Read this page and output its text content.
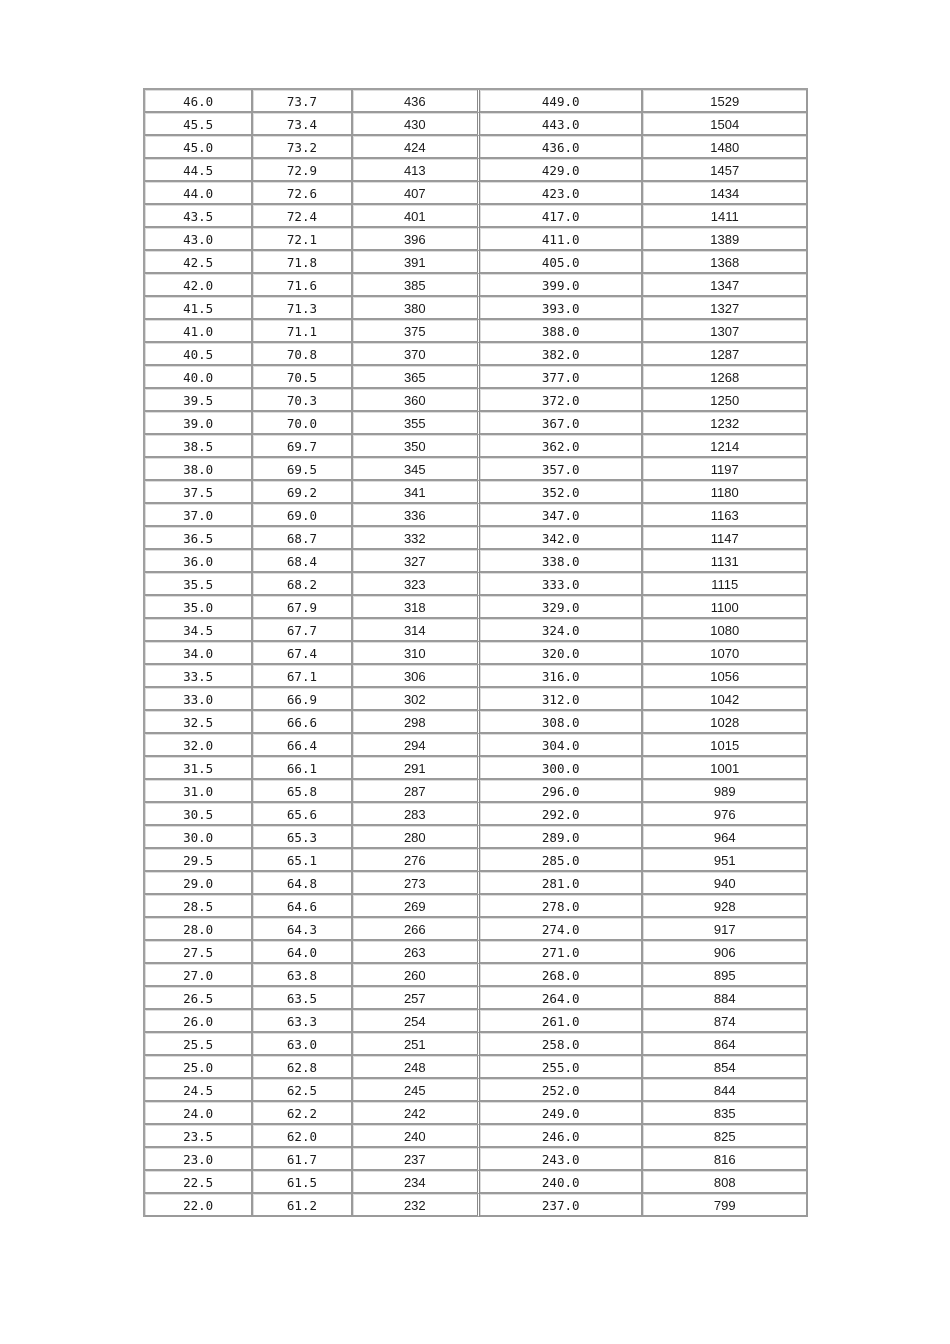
46.0	73.7	436	449.0	1529
45.5	73.4	430	443.0	1504
45.0	73.2	424	436.0	1480
44.5	72.9	413	429.0	1457
44.0	72.6	407	423.0	1434
43.5	72.4	401	417.0	1411
43.0	72.1	396	411.0	1389
42.5	71.8	391	405.0	1368
42.0	71.6	385	399.0	1347
41.5	71.3	380	393.0	1327
41.0	71.1	375	388.0	1307
40.5	70.8	370	382.0	1287
40.0	70.5	365	377.0	1268
39.5	70.3	360	372.0	1250
39.0	70.0	355	367.0	1232
38.5	69.7	350	362.0	1214
38.0	69.5	345	357.0	1197
37.5	69.2	341	352.0	1180
37.0	69.0	336	347.0	1163
36.5	68.7	332	342.0	1147
36.0	68.4	327	338.0	1131
35.5	68.2	323	333.0	1115
35.0	67.9	318	329.0	1100
34.5	67.7	314	324.0	1080
34.0	67.4	310	320.0	1070
33.5	67.1	306	316.0	1056
33.0	66.9	302	312.0	1042
32.5	66.6	298	308.0	1028
32.0	66.4	294	304.0	1015
31.5	66.1	291	300.0	1001
31.0	65.8	287	296.0	989
30.5	65.6	283	292.0	976
30.0	65.3	280	289.0	964
29.5	65.1	276	285.0	951
29.0	64.8	273	281.0	940
28.5	64.6	269	278.0	928
28.0	64.3	266	274.0	917
27.5	64.0	263	271.0	906
27.0	63.8	260	268.0	895
26.5	63.5	257	264.0	884
26.0	63.3	254	261.0	874
25.5	63.0	251	258.0	864
25.0	62.8	248	255.0	854
24.5	62.5	245	252.0	844
24.0	62.2	242	249.0	835
23.5	62.0	240	246.0	825
23.0	61.7	237	243.0	816
22.5	61.5	234	240.0	808
22.0	61.2	232	237.0	799
